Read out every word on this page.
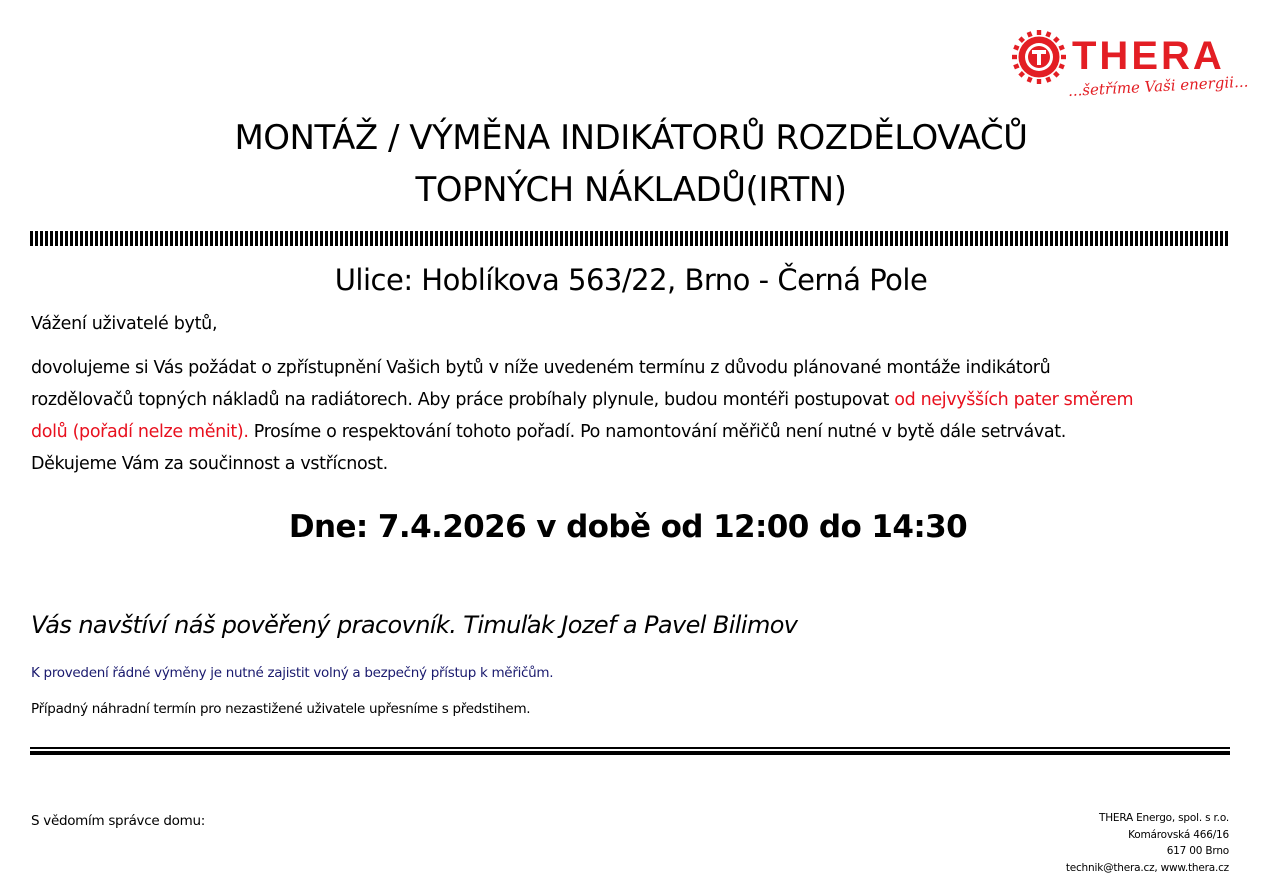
THERA
...šetříme Vaši energii...
MONTÁŽ / VÝMĚNA INDIKÁTORŮ ROZDĚLOVAČŮ
TOPNÝCH NÁKLADŮ(IRTN)
Ulice: Hoblíkova 563/22, Brno - Černá Pole
Vážení uživatelé bytů,
dovolujeme si Vás požádat o zpřístupnění Vašich bytů v níže uvedeném termínu z důvodu plánované montáže indikátorů
rozdělovačů topných nákladů na radiátorech. Aby práce probíhaly plynule, budou montéři postupovat od nejvyšších pater směrem
dolů (pořadí nelze měnit). Prosíme o respektování tohoto pořadí. Po namontování měřičů není nutné v bytě dále setrvávat.
Děkujeme Vám za součinnost a vstřícnost.
Dne: 7.4.2026 v době od 12:00 do 14:30
Vás navštíví náš pověřený pracovník. Timuľak Jozef a Pavel Bilimov
K provedení řádné výměny je nutné zajistit volný a bezpečný přístup k měřičům.
Případný náhradní termín pro nezastižené uživatele upřesníme s předstihem.
S vědomím správce domu:	THERA Energo, spol. s r.o.
Komárovská 466/16
617 00 Brno
technik@thera.cz, www.thera.cz
